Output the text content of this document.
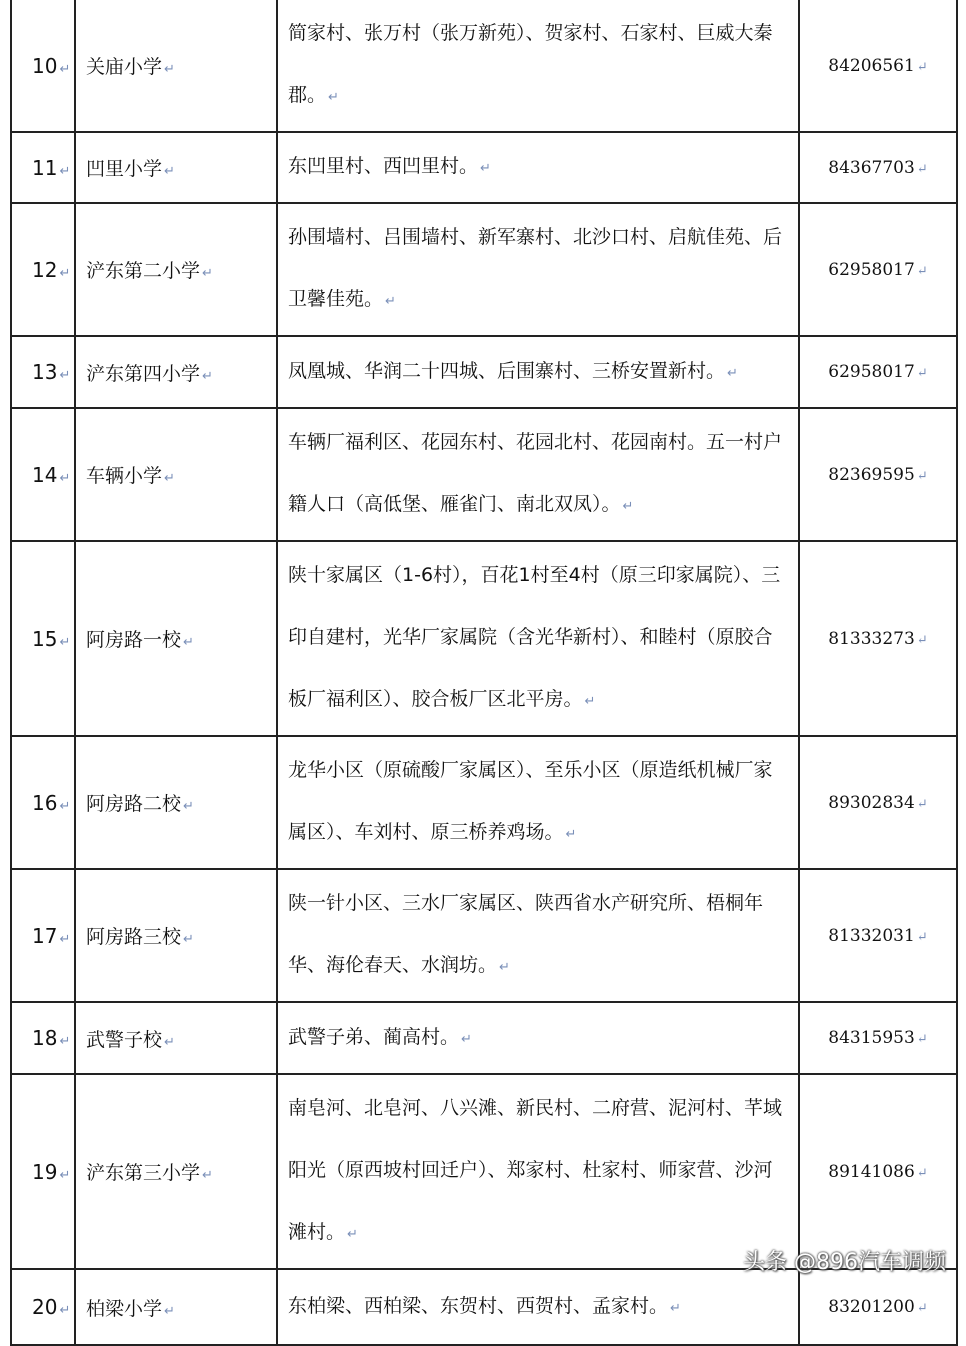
10 ↵	关庙小学 ↵	简家村、张万村（张万新苑）、贺家村、石家村、巨威大秦郡。 ↵	84206561 ↵
11 ↵	凹里小学 ↵	东凹里村、西凹里村。 ↵	84367703 ↵
12 ↵	浐东第二小学 ↵	孙围墙村、吕围墙村、新军寨村、北沙口村、启航佳苑、后卫馨佳苑。 ↵	62958017 ↵
13 ↵	浐东第四小学 ↵	凤凰城、华润二十四城、后围寨村、三桥安置新村。 ↵	62958017 ↵
14 ↵	车辆小学 ↵	车辆厂福利区、花园东村、花园北村、花园南村。五一村户籍人口（高低堡、雁雀门、南北双凤）。 ↵	82369595 ↵
15 ↵	阿房路一校 ↵	陕十家属区（1-6村），百花1村至4村（原三印家属院）、三印自建村，光华厂家属院（含光华新村）、和睦村（原胶合板厂福利区）、胶合板厂区北平房。 ↵	81333273 ↵
16 ↵	阿房路二校 ↵	龙华小区（原硫酸厂家属区）、至乐小区（原造纸机械厂家属区）、车刘村、原三桥养鸡场。 ↵	89302834 ↵
17 ↵	阿房路三校 ↵	陕一针小区、三水厂家属区、陕西省水产研究所、梧桐年华、海伦春天、水润坊。 ↵	81332031 ↵
18 ↵	武警子校 ↵	武警子弟、蔺高村。 ↵	84315953 ↵
19 ↵	浐东第三小学 ↵	南皂河、北皂河、八兴滩、新民村、二府营、泥河村、芊域阳光（原西坡村回迁户）、郑家村、杜家村、师家营、沙河滩村。 ↵	89141086 ↵
20 ↵	柏梁小学 ↵	东柏梁、西柏梁、东贺村、西贺村、孟家村。 ↵	83201200 ↵
头条 @896汽车调频
